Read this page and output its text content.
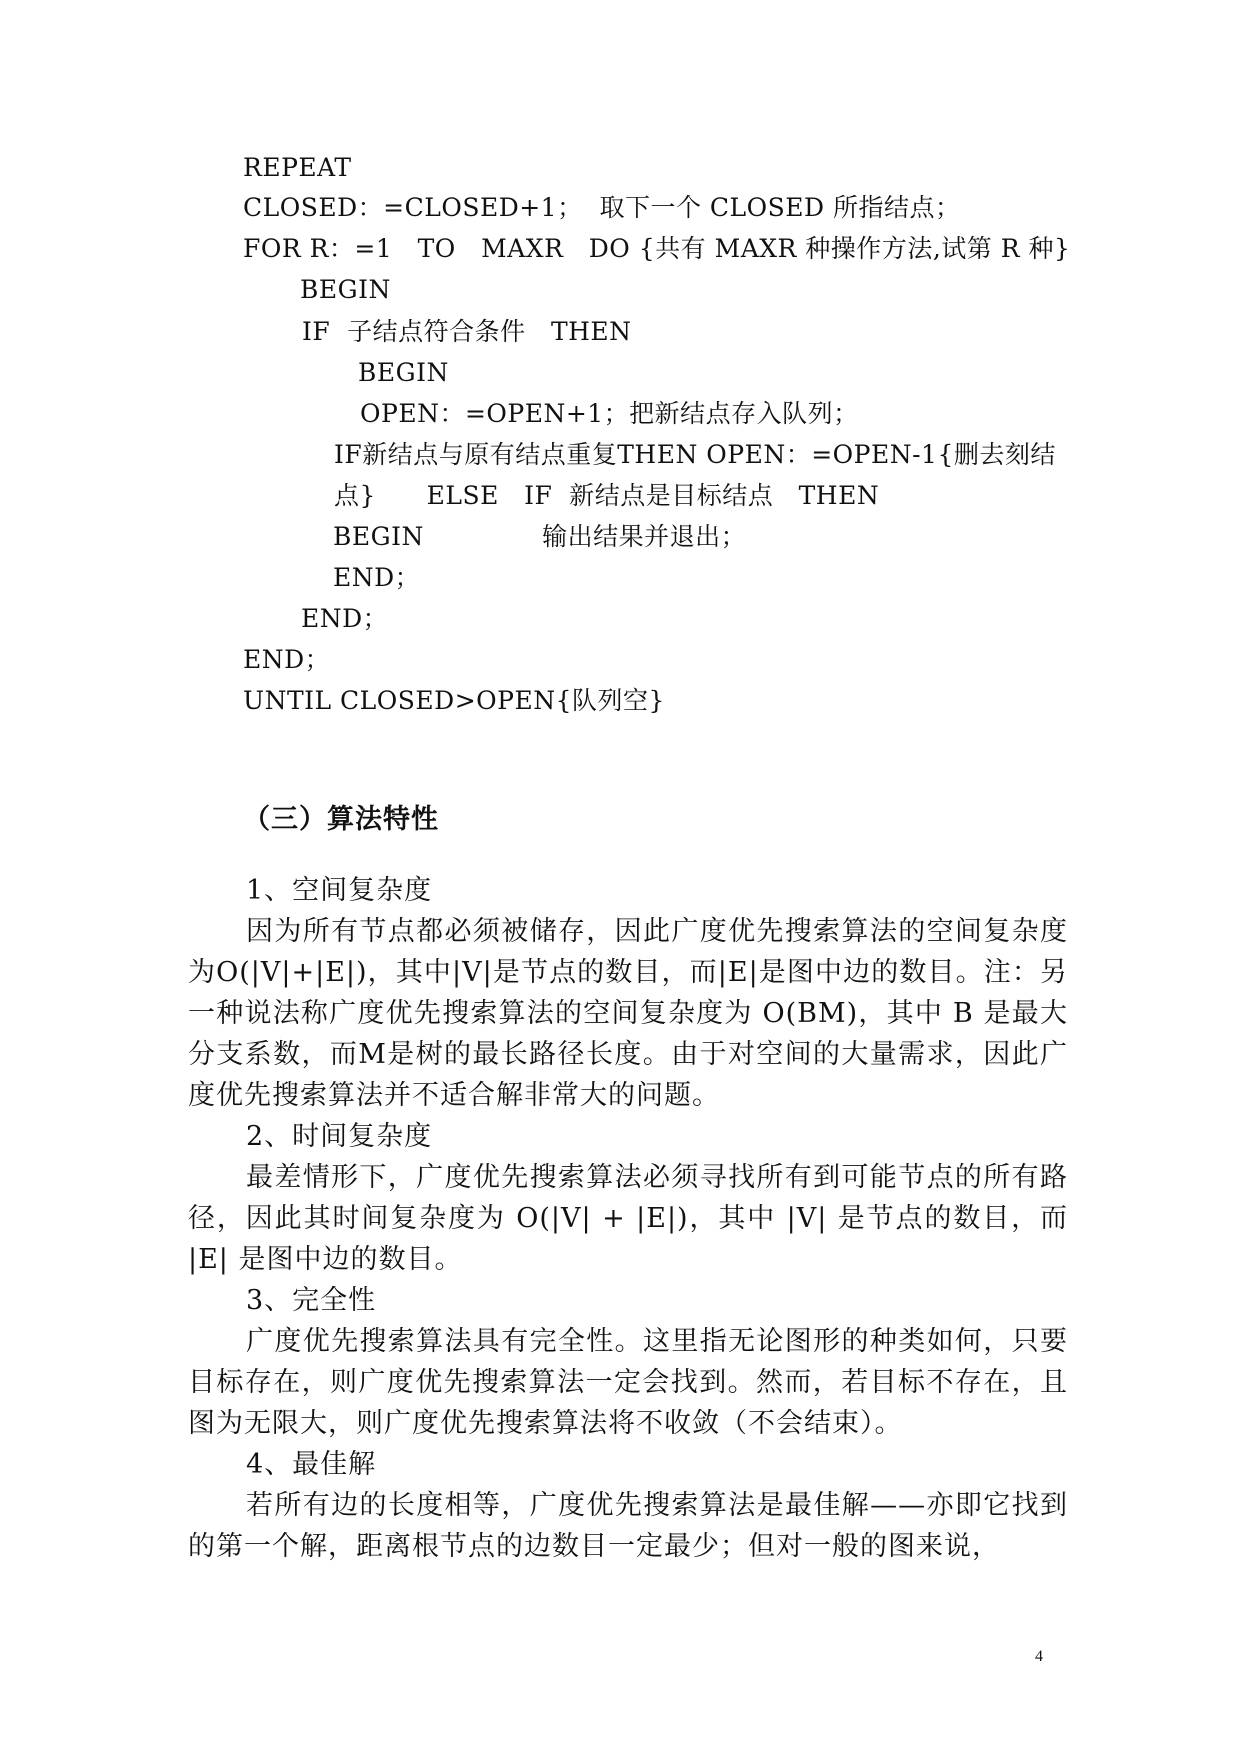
REPEAT
CLOSED：=CLOSED+1；  取下一个 CLOSED 所指结点；
FOR R：=1   TO   MAXR   DO {共有 MAXR 种操作方法,试第 R 种}
BEGIN
IF  子结点符合条件   THEN
BEGIN
OPEN：=OPEN+1；把新结点存入队列；
IF新结点与原有结点重复THEN OPEN：=OPEN-1{删去刻结
点}      ELSE   IF  新结点是目标结点   THEN
BEGIN              输出结果并退出；
END；
END；
END；
UNTIL CLOSED>OPEN{队列空}
（三）算法特性

1、空间复杂度

因为所有节点都必须被储存，因此广度优先搜索算法的空间复杂度为O(|V|+|E|)，其中|V|是节点的数目，而|E|是图中边的数目。注：另一种说法称广度优先搜索算法的空间复杂度为 O(BM)，其中 B 是最大分支系数，而M是树的最长路径长度。由于对空间的大量需求，因此广度优先搜索算法并不适合解非常大的问题。

2、时间复杂度

最差情形下，广度优先搜索算法必须寻找所有到可能节点的所有路径，因此其时间复杂度为 O(|V| + |E|)，其中 |V| 是节点的数目，而 |E| 是图中边的数目。

3、完全性

广度优先搜索算法具有完全性。这里指无论图形的种类如何，只要目标存在，则广度优先搜索算法一定会找到。然而，若目标不存在，且图为无限大，则广度优先搜索算法将不收敛（不会结束）。

4、最佳解

若所有边的长度相等，广度优先搜索算法是最佳解——亦即它找到的第一个解，距离根节点的边数目一定最少；但对一般的图来说，

4
